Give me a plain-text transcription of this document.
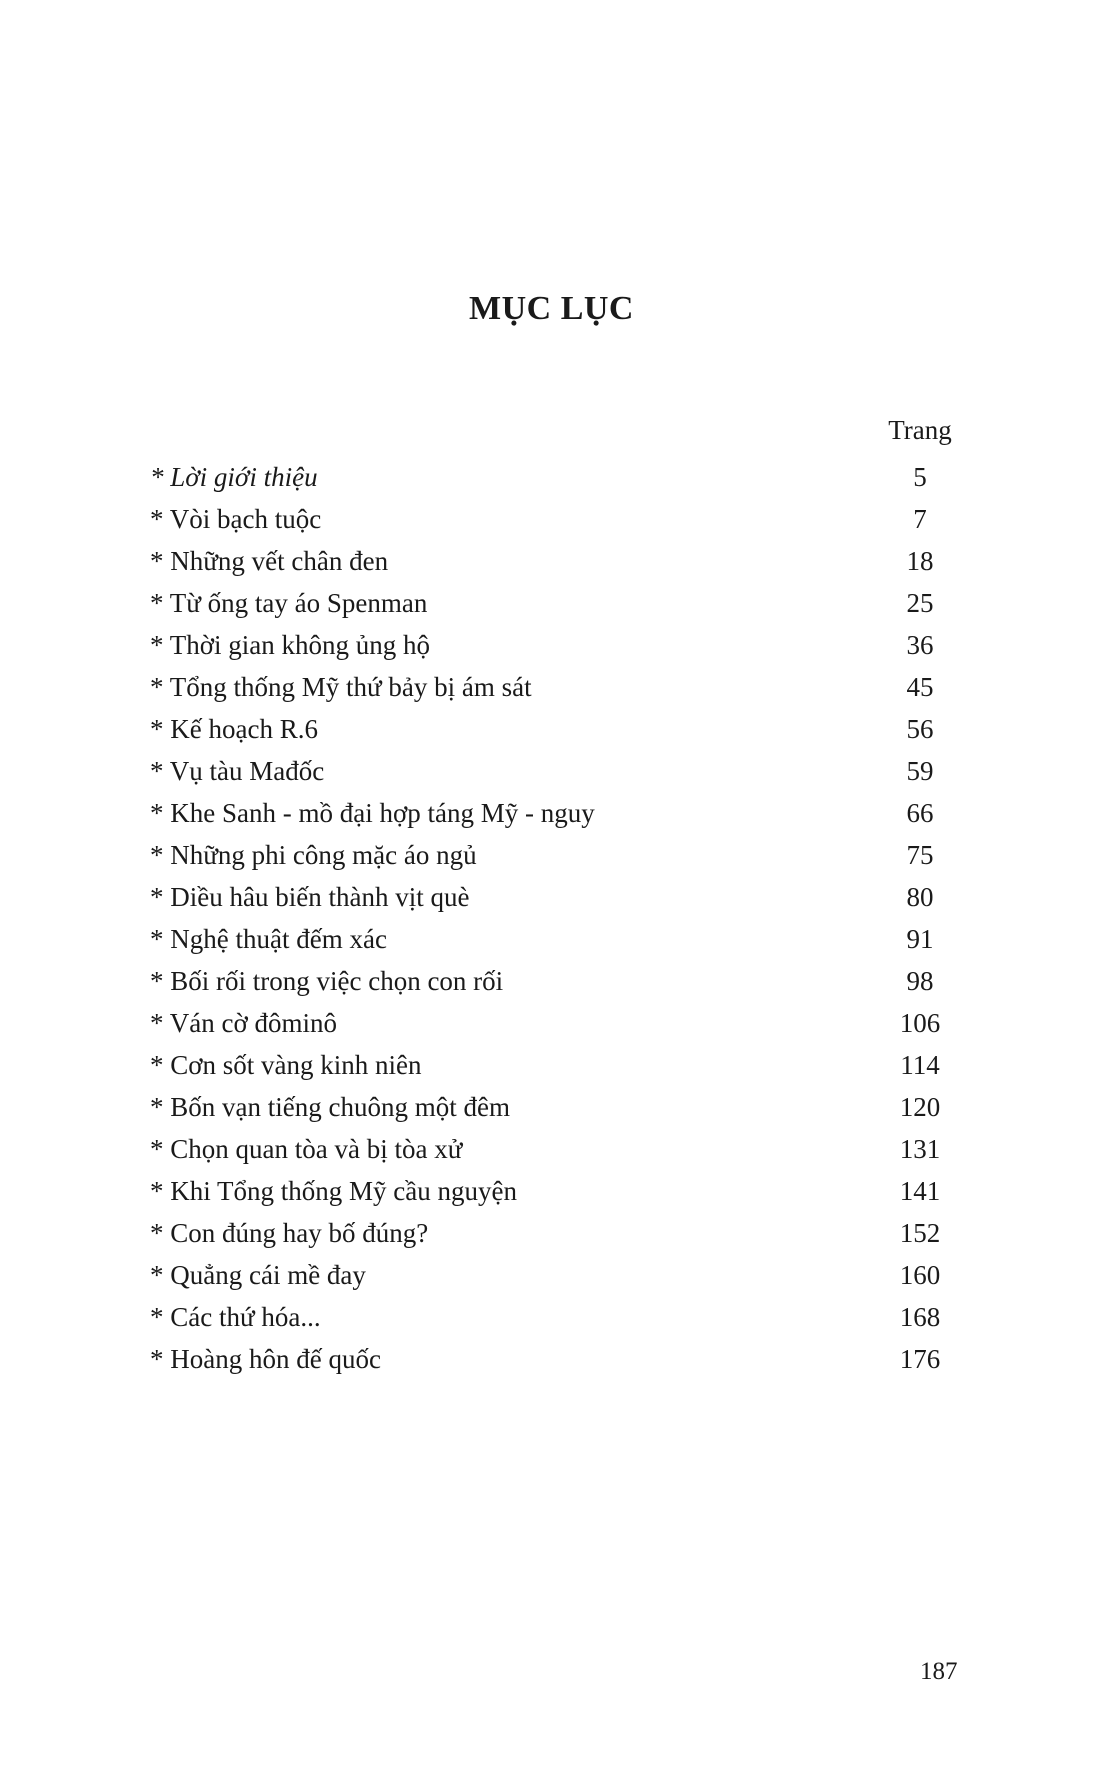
MỤC LỤC

Trang

* Lời giới thiệu	5
* Vòi bạch tuộc	7
* Những vết chân đen	18
* Từ ống tay áo Spenman	25
* Thời gian không ủng hộ	36
* Tổng thống Mỹ thứ bảy bị ám sát	45
* Kế hoạch R.6	56
* Vụ tàu Mađốc	59
* Khe Sanh - mồ đại hợp táng Mỹ - nguy	66
* Những phi công mặc áo ngủ	75
* Diều hâu biến thành vịt què	80
* Nghệ thuật đếm xác	91
* Bối rối trong việc chọn con rối	98
* Ván cờ đôminô	106
* Cơn sốt vàng kinh niên	114
* Bốn vạn tiếng chuông một đêm	120
* Chọn quan tòa và bị tòa xử	131
* Khi Tổng thống Mỹ cầu nguyện	141
* Con đúng hay bố đúng?	152
* Quẳng cái mề đay	160
* Các thứ hóa...	168
* Hoàng hôn đế quốc	176

187
